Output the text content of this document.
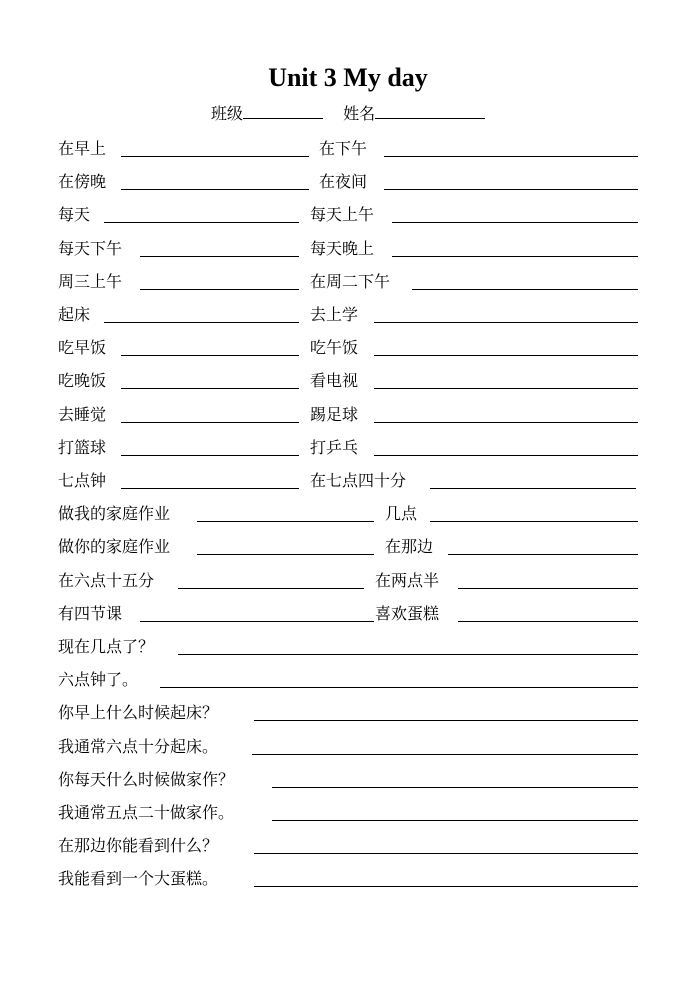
Unit 3 My day
班级	姓名
在早上	在下午
在傍晚	在夜间
每天	每天上午
每天下午	每天晚上
周三上午	在周二下午
起床	去上学
吃早饭	吃午饭
吃晚饭	看电视
去睡觉	踢足球
打篮球	打乒乓
七点钟	在七点四十分
做我的家庭作业	几点
做你的家庭作业	在那边
在六点十五分	在两点半
有四节课	喜欢蛋糕
现在几点了？
六点钟了。
你早上什么时候起床？
我通常六点十分起床。
你每天什么时候做家作？
我通常五点二十做家作。
在那边你能看到什么？
我能看到一个大蛋糕。
